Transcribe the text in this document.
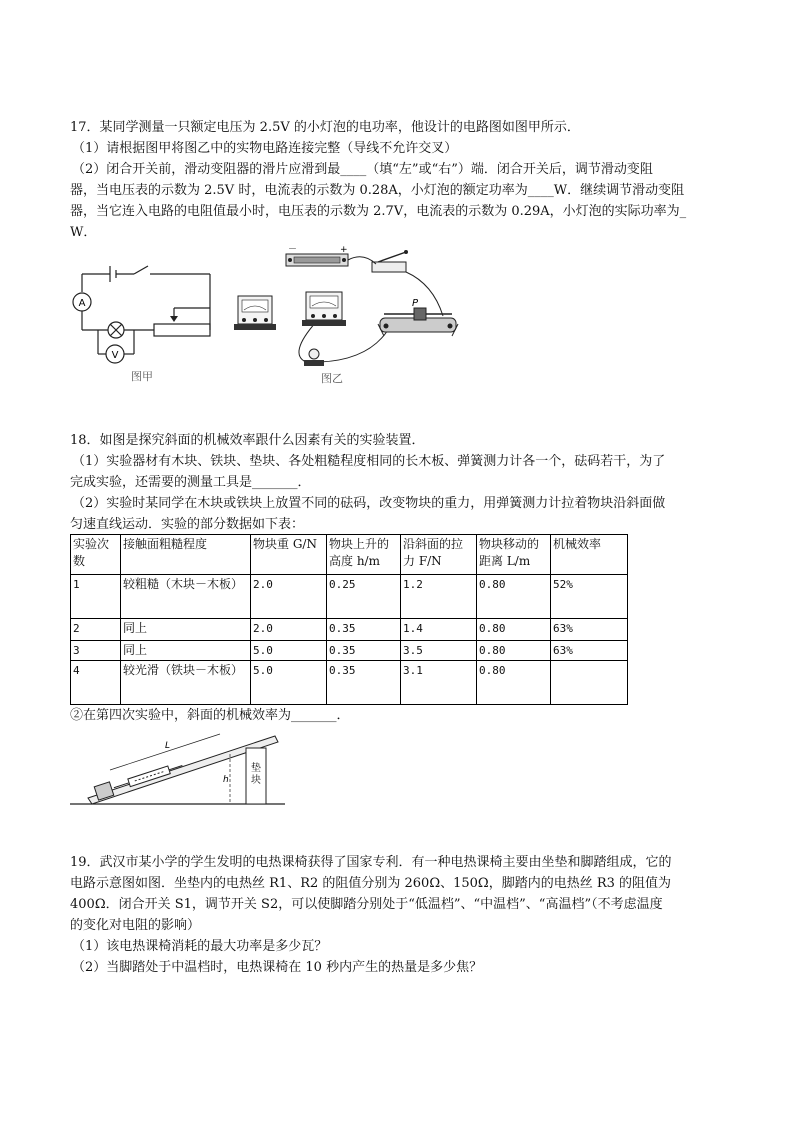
17．某同学测量一只额定电压为 2.5V 的小灯泡的电功率，他设计的电路图如图甲所示．

（1）请根据图甲将图乙中的实物电路连接完整（导线不允许交叉）

（2）闭合开关前，滑动变阻器的滑片应滑到最____（填“左”或“右”）端．闭合开关后，调节滑动变阻

器，当电压表的示数为 2.5V 时，电流表的示数为 0.28A，小灯泡的额定功率为____W．继续调节滑动变阻

器，当它连入电路的电阻值最小时，电压表的示数为 2.7V，电流表的示数为 0.29A，小灯泡的实际功率为_

W．

A
V
图甲
－	+
P
图乙

18．如图是探究斜面的机械效率跟什么因素有关的实验装置．

（1）实验器材有木块、铁块、垫块、各处粗糙程度相同的长木板、弹簧测力计各一个，砝码若干，为了

完成实验，还需要的测量工具是_______．

（2）实验时某同学在木块或铁块上放置不同的砝码，改变物块的重力，用弹簧测力计拉着物块沿斜面做

匀速直线运动．实验的部分数据如下表：

实验次数	接触面粗糙程度	物块重 G/N	物块上升的高度 h/m	沿斜面的拉力 F/N	物块移动的距离 L/m	机械效率
1	较粗糙（木块－木板）	2.0	0.25	1.2	0.80	52%
2	同上	2.0	0.35	1.4	0.80	63%
3	同上	5.0	0.35	3.5	0.80	63%
4	较光滑（铁块－木板）	5.0	0.35	3.1	0.80	

②在第四次实验中，斜面的机械效率为_______．

L
h
垫块

19．武汉市某小学的学生发明的电热课椅获得了国家专利．有一种电热课椅主要由坐垫和脚踏组成，它的

电路示意图如图．坐垫内的电热丝 R1、R2 的阻值分别为 260Ω、150Ω，脚踏内的电热丝 R3 的阻值为

400Ω．闭合开关 S1，调节开关 S2，可以使脚踏分别处于“低温档”、“中温档”、“高温档”（不考虑温度

的变化对电阻的影响）

（1）该电热课椅消耗的最大功率是多少瓦？

（2）当脚踏处于中温档时，电热课椅在 10 秒内产生的热量是多少焦？
